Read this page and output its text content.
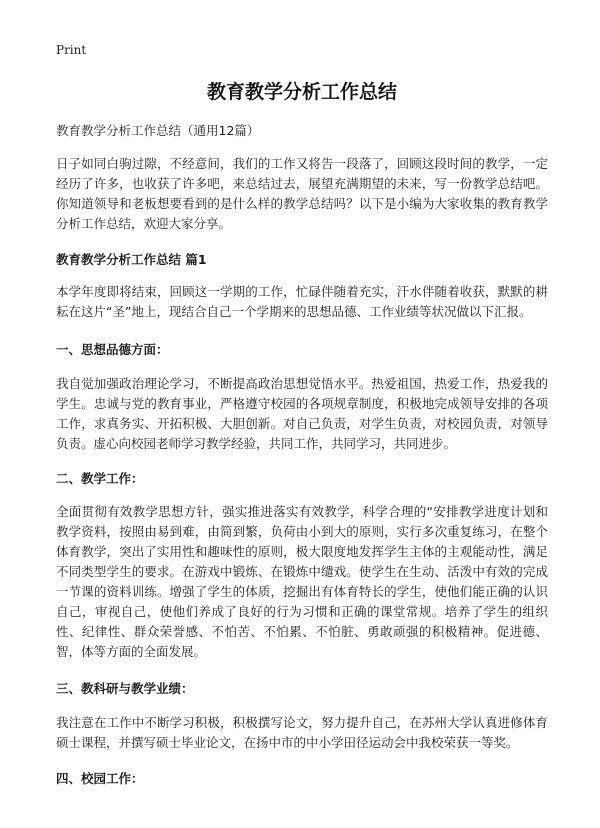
Print
教育教学分析工作总结

教育教学分析工作总结（通用12篇）

日子如同白驹过隙，不经意间，我们的工作又将告一段落了，回顾这段时间的教学，一定经历了许多，也收获了许多吧，来总结过去，展望充满期望的未来，写一份教学总结吧。你知道领导和老板想要看到的是什么样的教学总结吗？以下是小编为大家收集的教育教学分析工作总结，欢迎大家分享。

教育教学分析工作总结 篇1

本学年度即将结束，回顾这一学期的工作，忙碌伴随着充实，汗水伴随着收获，默默的耕耘在这片“圣”地上，现结合自己一个学期来的思想品德、工作业绩等状况做以下汇报。

一、思想品德方面：

我自觉加强政治理论学习，不断提高政治思想觉悟水平。热爱祖国，热爱工作，热爱我的学生。忠诚与党的教育事业，严格遵守校园的各项规章制度，积极地完成领导安排的各项工作，求真务实、开拓积极、大胆创新。对自己负责，对学生负责，对校园负责，对领导负责。虚心向校园老师学习教学经验，共同工作，共同学习，共同进步。

二、教学工作：

全面贯彻有效教学思想方针，强实推进落实有效教学，科学合理的“安排教学进度计划和教学资料，按照由易到难，由简到繁，负荷由小到大的原则，实行多次重复练习，在整个体育教学，突出了实用性和趣味性的原则，极大限度地发挥学生主体的主观能动性，满足不同类型学生的要求。在游戏中锻炼、在锻炼中缱戏。使学生在生动、活泼中有效的完成一节课的资料训练。增强了学生的体质，挖掘出有体育特长的学生，使他们能正确的认识自己，审视自己，使他们养成了良好的行为习惯和正确的课堂常规。培养了学生的组织性、纪律性、群众荣誉感、不怕苦、不怕累、不怕脏、勇敢顽强的积极精神。促进德、智，体等方面的全面发展。

三、教科研与教学业绩：

我注意在工作中不断学习积极，积极撰写论文，努力提升自己，在苏州大学认真进修体育硕士课程，并撰写硕士毕业论文，在扬中市的中小学田径运动会中我校荣获一等奖。

四、校园工作：
